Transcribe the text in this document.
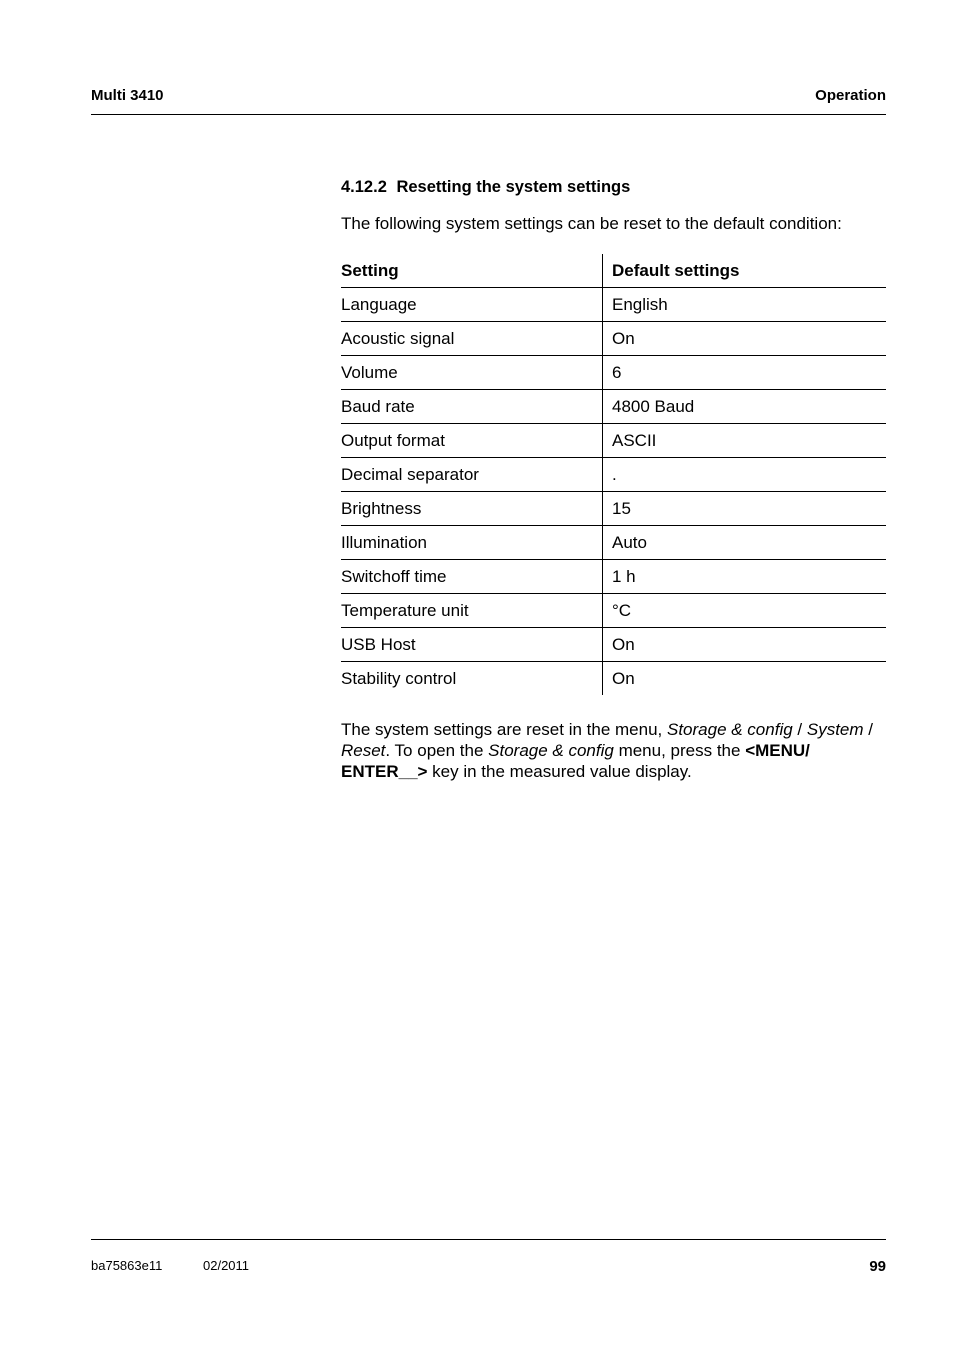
Multi 3410	Operation
4.12.2 Resetting the system settings

The following system settings can be reset to the default condition:

Setting	Default settings
Language	English
Acoustic signal	On
Volume	6
Baud rate	4800 Baud
Output format	ASCII
Decimal separator	.
Brightness	15
Illumination	Auto
Switchoff time	1 h
Temperature unit	°C
USB Host	On
Stability control	On

The system settings are reset in the menu, Storage & config / System / Reset. To open the Storage & config menu, press the <MENU/ ENTER__> key in the measured value display.

ba75863e11	02/2011	99
